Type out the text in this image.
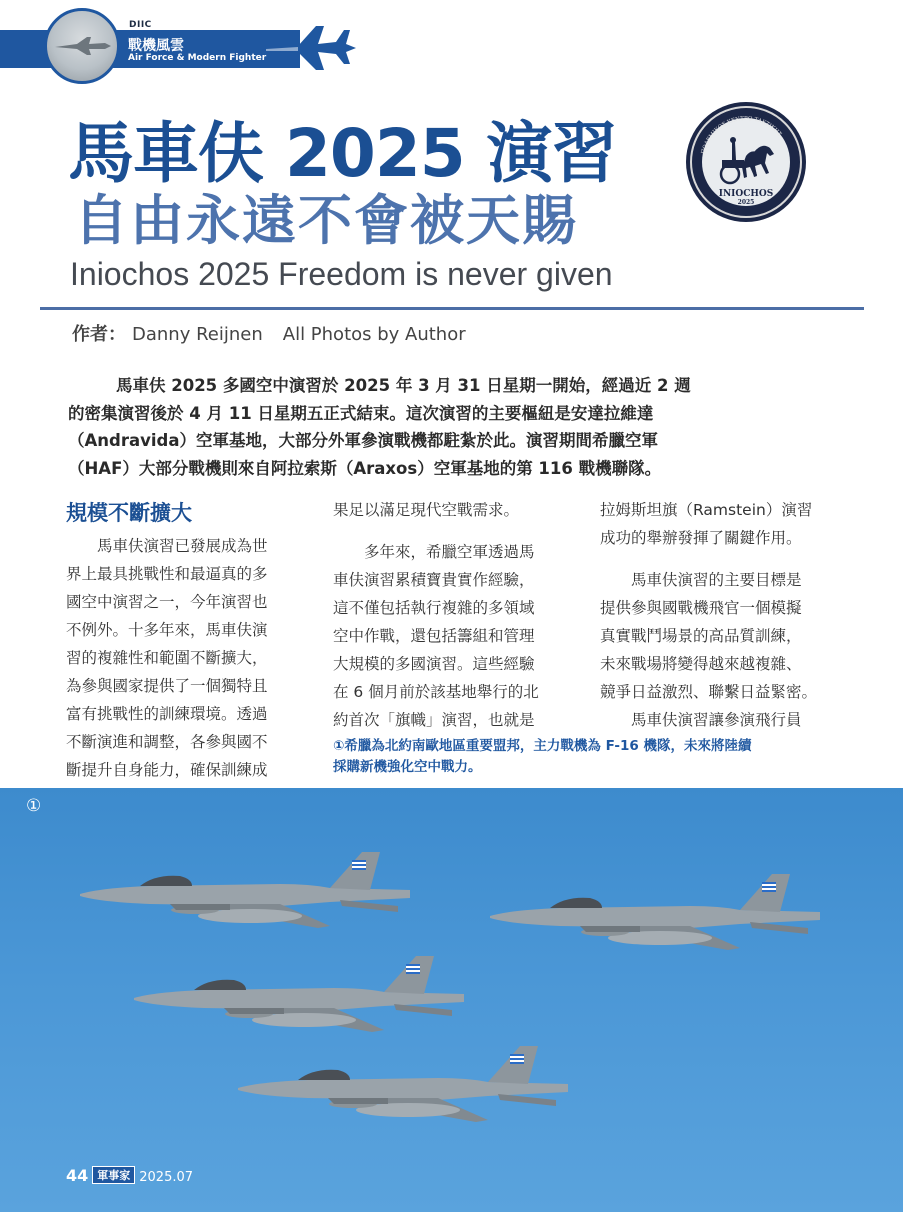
DIIC
戰機風雲
Air Force & Modern Fighter
馬車伕 2025 演習
自由永遠不會被天賜
Iniochos 2025 Freedom is never given
ΠΟΛΕΜΙΚΟΣ ΚΕΝΤΡΟ ΤΑΚΤΙΚΗΣ
INIOCHOS
2025
作者： Danny Reijnen All Photos by Author
馬車伕 2025 多國空中演習於 2025 年 3 月 31 日星期一開始，經過近 2 週
的密集演習後於 4 月 11 日星期五正式結束。這次演習的主要樞紐是安達拉維達
（Andravida）空軍基地，大部分外軍參演戰機都駐紮於此。演習期間希臘空軍
（HAF）大部分戰機則來自阿拉索斯（Araxos）空軍基地的第 116 戰機聯隊。
規模不斷擴大
　　馬車伕演習已發展成為世
界上最具挑戰性和最逼真的多
國空中演習之一，今年演習也
不例外。十多年來，馬車伕演
習的複雜性和範圍不斷擴大，
為參與國家提供了一個獨特且
富有挑戰性的訓練環境。透過
不斷演進和調整，各參與國不
斷提升自身能力，確保訓練成
果足以滿足現代空戰需求。
　　多年來，希臘空軍透過馬
車伕演習累積寶貴實作經驗，
這不僅包括執行複雜的多領域
空中作戰，還包括籌組和管理
大規模的多國演習。這些經驗
在 6 個月前於該基地舉行的北
約首次「旗幟」演習，也就是
拉姆斯坦旗（Ramstein）演習
成功的舉辦發揮了關鍵作用。
　　馬車伕演習的主要目標是
提供參與國戰機飛官一個模擬
真實戰鬥場景的高品質訓練，
未來戰場將變得越來越複雜、
競爭日益激烈、聯繫日益緊密。
　　馬車伕演習讓參演飛行員
①希臘為北約南歐地區重要盟邦，主力戰機為 F-16 機隊，未來將陸續
採購新機強化空中戰力。
①
44 軍事家 2025.07
